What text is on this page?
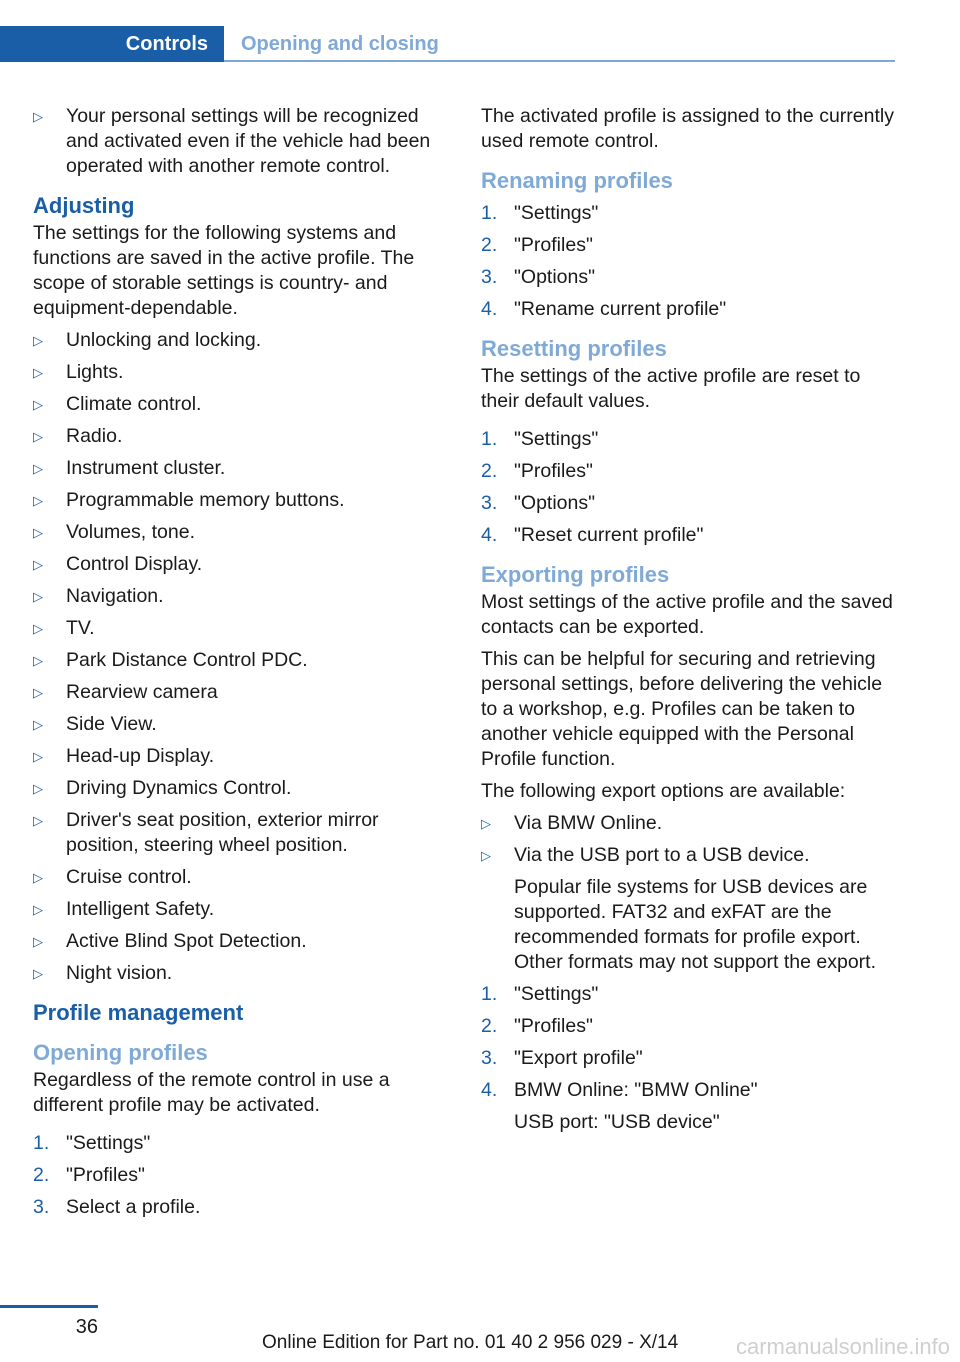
Controls	Opening and closing
▷ Your personal settings will be recognized and activated even if the vehicle had been operated with another remote control.
Adjusting
The settings for the following systems and functions are saved in the active profile. The scope of storable settings is country- and equipment-dependable.
▷ Unlocking and locking.
▷ Lights.
▷ Climate control.
▷ Radio.
▷ Instrument cluster.
▷ Programmable memory buttons.
▷ Volumes, tone.
▷ Control Display.
▷ Navigation.
▷ TV.
▷ Park Distance Control PDC.
▷ Rearview camera
▷ Side View.
▷ Head-up Display.
▷ Driving Dynamics Control.
▷ Driver's seat position, exterior mirror position, steering wheel position.
▷ Cruise control.
▷ Intelligent Safety.
▷ Active Blind Spot Detection.
▷ Night vision.
Profile management
Opening profiles
Regardless of the remote control in use a different profile may be activated.
1. "Settings"
2. "Profiles"
3. Select a profile.
The activated profile is assigned to the currently used remote control.
Renaming profiles
1. "Settings"
2. "Profiles"
3. "Options"
4. "Rename current profile"
Resetting profiles
The settings of the active profile are reset to their default values.
1. "Settings"
2. "Profiles"
3. "Options"
4. "Reset current profile"
Exporting profiles
Most settings of the active profile and the saved contacts can be exported.
This can be helpful for securing and retrieving personal settings, before delivering the vehicle to a workshop, e.g. Profiles can be taken to another vehicle equipped with the Personal Profile function.
The following export options are available:
▷ Via BMW Online.
▷ Via the USB port to a USB device.
Popular file systems for USB devices are supported. FAT32 and exFAT are the recommended formats for profile export. Other formats may not support the export.
1. "Settings"
2. "Profiles"
3. "Export profile"
4. BMW Online: "BMW Online"
USB port: "USB device"
36
Online Edition for Part no. 01 40 2 956 029 - X/14	carmanualsonline.info
